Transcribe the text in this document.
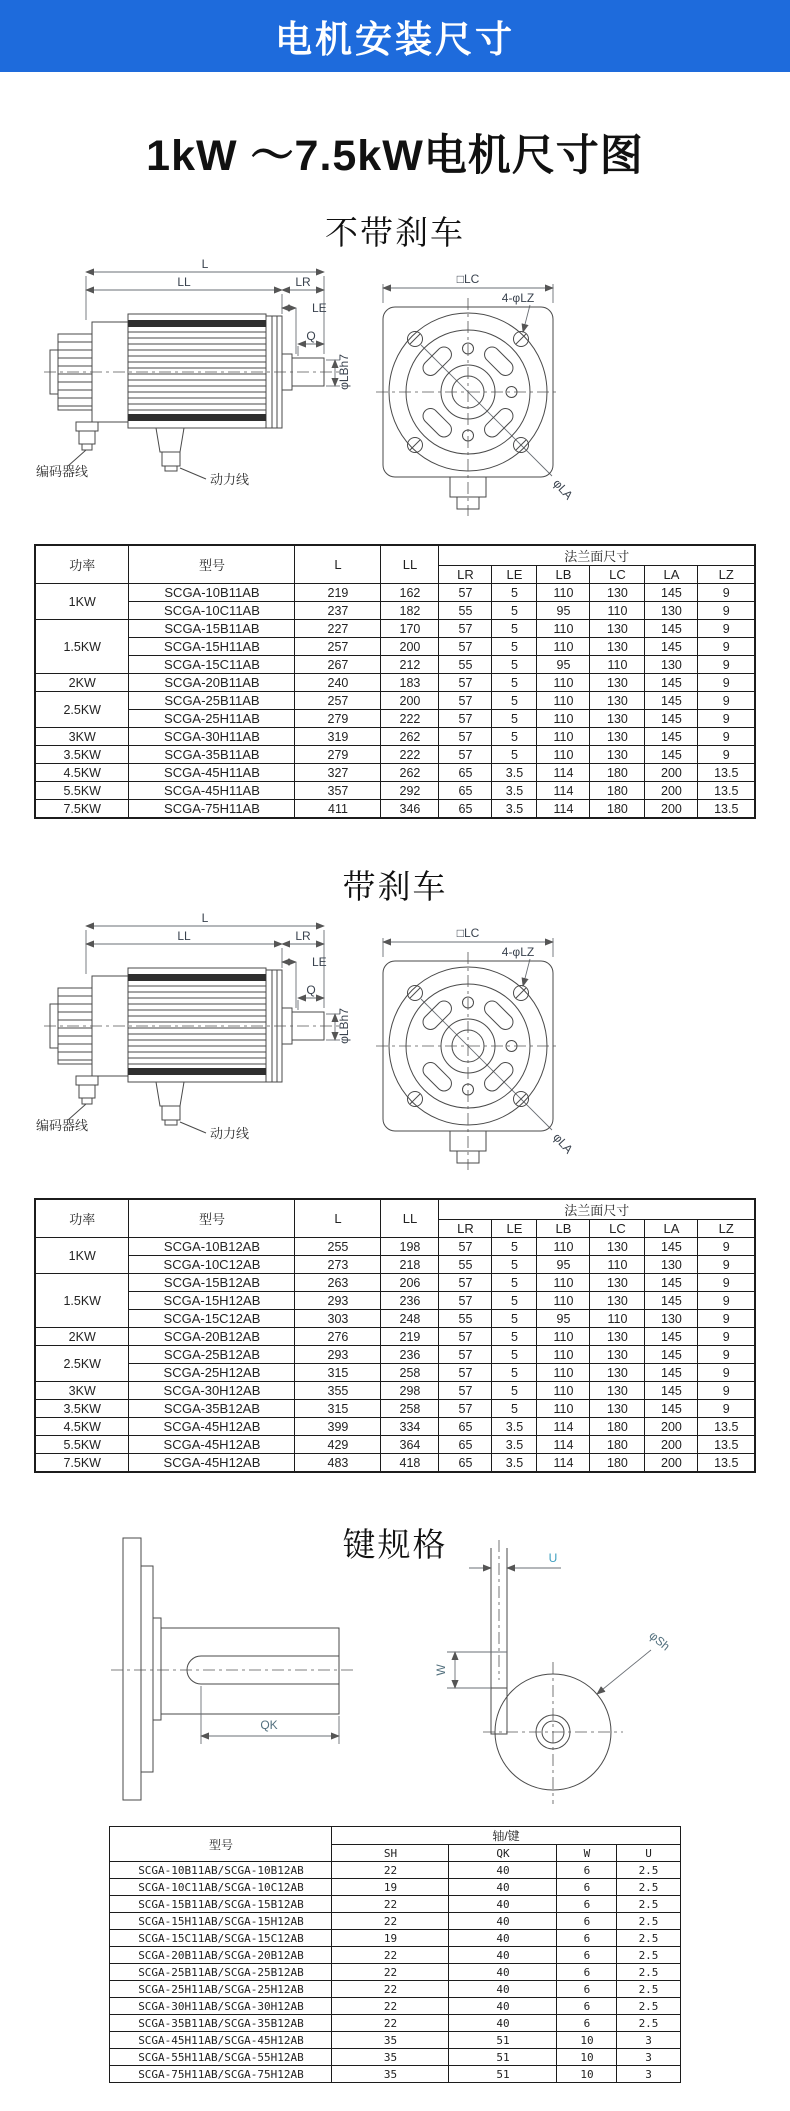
电机安装尺寸
1kW ～7.5kW电机尺寸图
不带刹车
L
LL	LR
LE
Q
φLBh7
编码器线
动力线
□LC
4-φLZ
φLA
功率	型号	L	LL	法兰面尺寸					
				LR	LE	LB	LC	LA	LZ
1KW	SCGA-10B11AB	219	162	57	5	110	130	145	9
	SCGA-10C11AB	237	182	55	5	95	110	130	9
1.5KW	SCGA-15B11AB	227	170	57	5	110	130	145	9
	SCGA-15H11AB	257	200	57	5	110	130	145	9
	SCGA-15C11AB	267	212	55	5	95	110	130	9
2KW	SCGA-20B11AB	240	183	57	5	110	130	145	9
2.5KW	SCGA-25B11AB	257	200	57	5	110	130	145	9
	SCGA-25H11AB	279	222	57	5	110	130	145	9
3KW	SCGA-30H11AB	319	262	57	5	110	130	145	9
3.5KW	SCGA-35B11AB	279	222	57	5	110	130	145	9
4.5KW	SCGA-45H11AB	327	262	65	3.5	114	180	200	13.5
5.5KW	SCGA-45H11AB	357	292	65	3.5	114	180	200	13.5
7.5KW	SCGA-75H11AB	411	346	65	3.5	114	180	200	13.5
带刹车
L
LL	LR
LE
Q
φLBh7
编码器线
动力线
□LC
4-φLZ
φLA
功率	型号	L	LL	法兰面尺寸					
				LR	LE	LB	LC	LA	LZ
1KW	SCGA-10B12AB	255	198	57	5	110	130	145	9
	SCGA-10C12AB	273	218	55	5	95	110	130	9
1.5KW	SCGA-15B12AB	263	206	57	5	110	130	145	9
	SCGA-15H12AB	293	236	57	5	110	130	145	9
	SCGA-15C12AB	303	248	55	5	95	110	130	9
2KW	SCGA-20B12AB	276	219	57	5	110	130	145	9
2.5KW	SCGA-25B12AB	293	236	57	5	110	130	145	9
	SCGA-25H12AB	315	258	57	5	110	130	145	9
3KW	SCGA-30H12AB	355	298	57	5	110	130	145	9
3.5KW	SCGA-35B12AB	315	258	57	5	110	130	145	9
4.5KW	SCGA-45H12AB	399	334	65	3.5	114	180	200	13.5
5.5KW	SCGA-45H12AB	429	364	65	3.5	114	180	200	13.5
7.5KW	SCGA-45H12AB	483	418	65	3.5	114	180	200	13.5
键规格
QK
U
W
φSh
型号	轴/键			
	SH	QK	W	U
SCGA-10B11AB/SCGA-10B12AB	22	40	6	2.5
SCGA-10C11AB/SCGA-10C12AB	19	40	6	2.5
SCGA-15B11AB/SCGA-15B12AB	22	40	6	2.5
SCGA-15H11AB/SCGA-15H12AB	22	40	6	2.5
SCGA-15C11AB/SCGA-15C12AB	19	40	6	2.5
SCGA-20B11AB/SCGA-20B12AB	22	40	6	2.5
SCGA-25B11AB/SCGA-25B12AB	22	40	6	2.5
SCGA-25H11AB/SCGA-25H12AB	22	40	6	2.5
SCGA-30H11AB/SCGA-30H12AB	22	40	6	2.5
SCGA-35B11AB/SCGA-35B12AB	22	40	6	2.5
SCGA-45H11AB/SCGA-45H12AB	35	51	10	3
SCGA-55H11AB/SCGA-55H12AB	35	51	10	3
SCGA-75H11AB/SCGA-75H12AB	35	51	10	3
